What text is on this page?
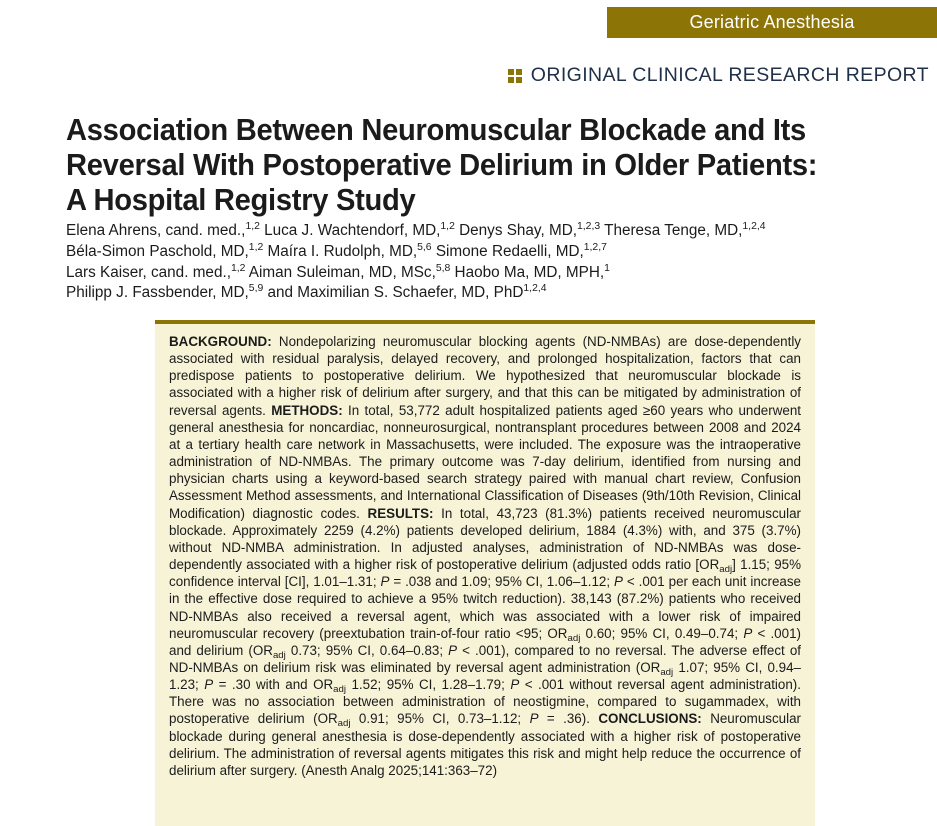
Geriatric Anesthesia
ORIGINAL CLINICAL RESEARCH REPORT
Association Between Neuromuscular Blockade and Its Reversal With Postoperative Delirium in Older Patients: A Hospital Registry Study
Elena Ahrens, cand. med.,$^{1,2}$ Luca J. Wachtendorf, MD,$^{1,2}$ Denys Shay, MD,$^{1,2,3}$ Theresa Tenge, MD,$^{1,2,4}$
Béla-Simon Paschold, MD,$^{1,2}$ Maíra I. Rudolph, MD,$^{5,6}$ Simone Redaelli, MD,$^{1,2,7}$
Lars Kaiser, cand. med.,$^{1,2}$ Aiman Suleiman, MD, MSc,$^{5,8}$ Haobo Ma, MD, MPH,$^1$
Philipp J. Fassbender, MD,$^{5,9}$ and Maximilian S. Schaefer, MD, PhD$^{1,2,4}$

BACKGROUND: Nondepolarizing neuromuscular blocking agents (ND-NMBAs) are dose-dependently associated with residual paralysis, delayed recovery, and prolonged hospitalization, factors that can predispose patients to postoperative delirium. We hypothesized that neuromuscular blockade is associated with a higher risk of delirium after surgery, and that this can be mitigated by administration of reversal agents. METHODS: In total, 53,772 adult hospitalized patients aged ≥60 years who underwent general anesthesia for noncardiac, nonneurosurgical, nontransplant procedures between 2008 and 2024 at a tertiary health care network in Massachusetts, were included. The exposure was the intraoperative administration of ND-NMBAs. The primary outcome was 7-day delirium, identified from nursing and physician charts using a keyword-based search strategy paired with manual chart review, Confusion Assessment Method assessments, and International Classification of Diseases (9th/10th Revision, Clinical Modification) diagnostic codes. RESULTS: In total, 43,723 (81.3%) patients received neuromuscular blockade. Approximately 2259 (4.2%) patients developed delirium, 1884 (4.3%) with, and 375 (3.7%) without ND-NMBA administration. In adjusted analyses, administration of ND-NMBAs was dose-dependently associated with a higher risk of postoperative delirium (adjusted odds ratio $[OR_{adj}]$ 1.15; 95% confidence interval [CI], 1.01–1.31; P = .038 and 1.09; 95% CI, 1.06–1.12; P < .001 per each unit increase in the effective dose required to achieve a 95% twitch reduction). 38,143 (87.2%) patients who received ND-NMBAs also received a reversal agent, which was associated with a lower risk of impaired neuromuscular recovery (preextubation train-of-four ratio <95; $OR_{adj}$ 0.60; 95% CI, 0.49–0.74; P < .001) and delirium ($OR_{adj}$ 0.73; 95% CI, 0.64–0.83; P < .001), compared to no reversal. The adverse effect of ND-NMBAs on delirium risk was eliminated by reversal agent administration ($OR_{adj}$ 1.07; 95% CI, 0.94–1.23; P = .30 with and $OR_{adj}$ 1.52; 95% CI, 1.28–1.79; P < .001 without reversal agent administration). There was no association between administration of neostigmine, compared to sugammadex, with postoperative delirium ($OR_{adj}$ 0.91; 95% CI, 0.73–1.12; P = .36). CONCLUSIONS: Neuromuscular blockade during general anesthesia is dose-dependently associated with a higher risk of postoperative delirium. The administration of reversal agents mitigates this risk and might help reduce the occurrence of delirium after surgery. (Anesth Analg 2025;141:363–72)
